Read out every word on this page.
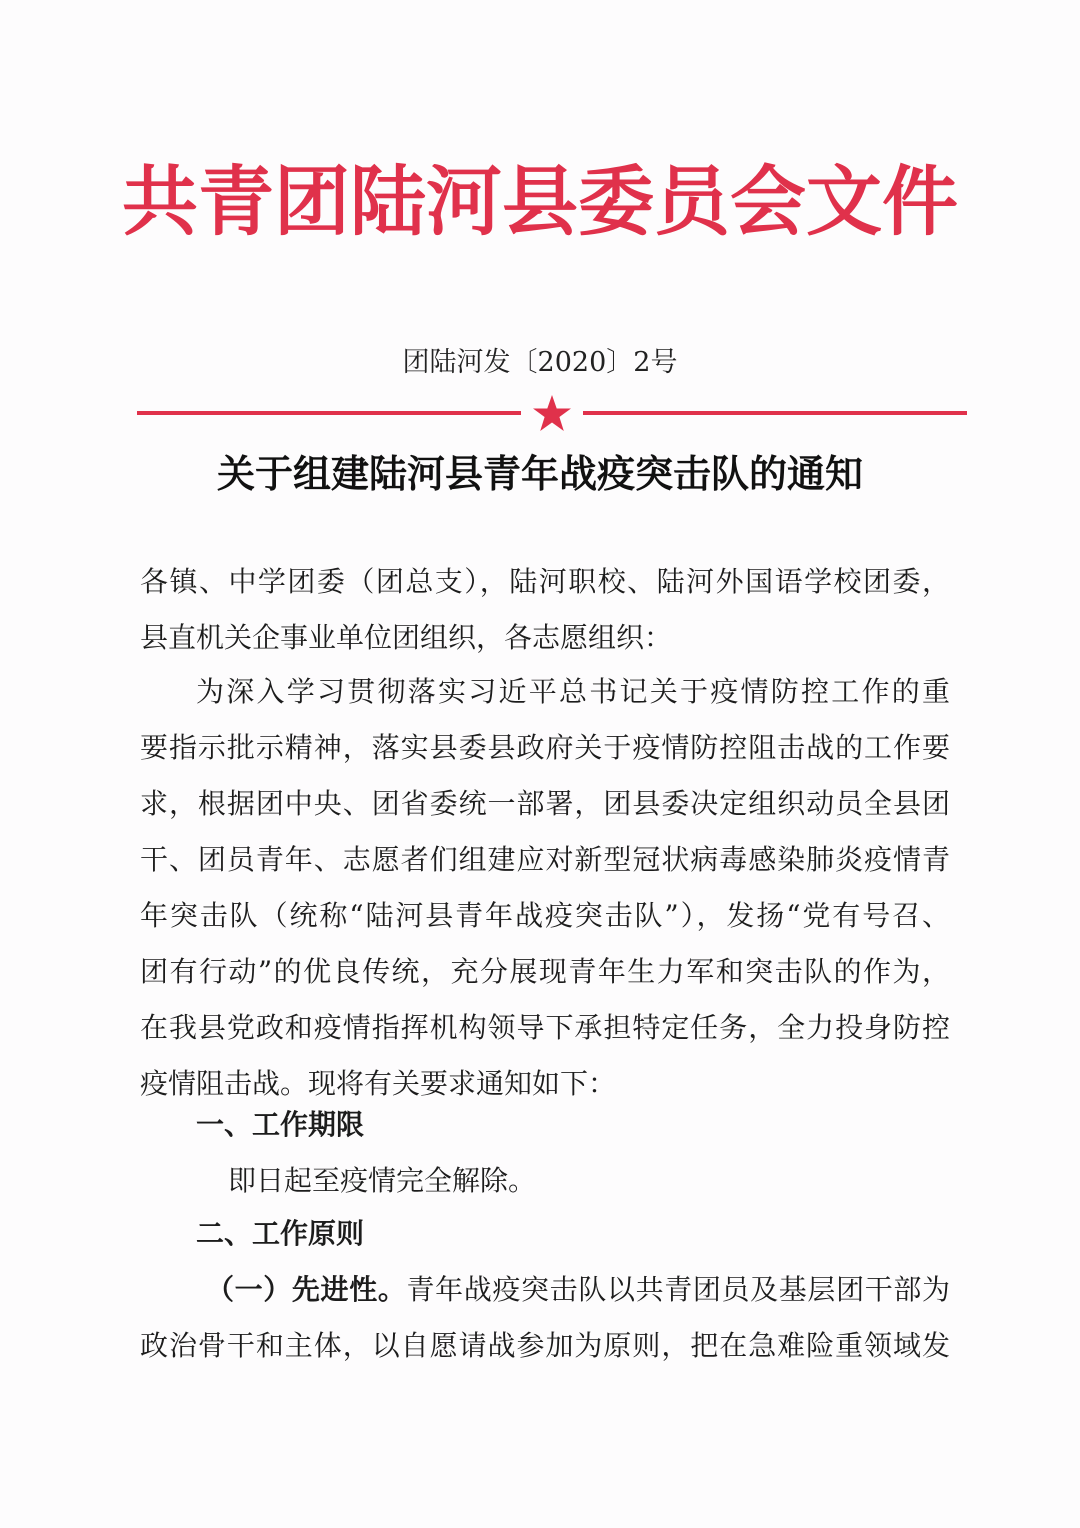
共青团陆河县委员会文件
团陆河发〔2020〕2号
关于组建陆河县青年战疫突击队的通知
各镇、中学团委（团总支），陆河职校、陆河外国语学校团委，
县直机关企事业单位团组织，各志愿组织：
为深入学习贯彻落实习近平总书记关于疫情防控工作的重
要指示批示精神，落实县委县政府关于疫情防控阻击战的工作要
求，根据团中央、团省委统一部署，团县委决定组织动员全县团
干、团员青年、志愿者们组建应对新型冠状病毒感染肺炎疫情青
年突击队（统称“陆河县青年战疫突击队”），发扬“党有号召、
团有行动”的优良传统，充分展现青年生力军和突击队的作为，
在我县党政和疫情指挥机构领导下承担特定任务，全力投身防控
疫情阻击战。现将有关要求通知如下：
一、工作期限
即日起至疫情完全解除。
二、工作原则
（一）先进性。青年战疫突击队以共青团员及基层团干部为
政治骨干和主体，以自愿请战参加为原则，把在急难险重领域发
